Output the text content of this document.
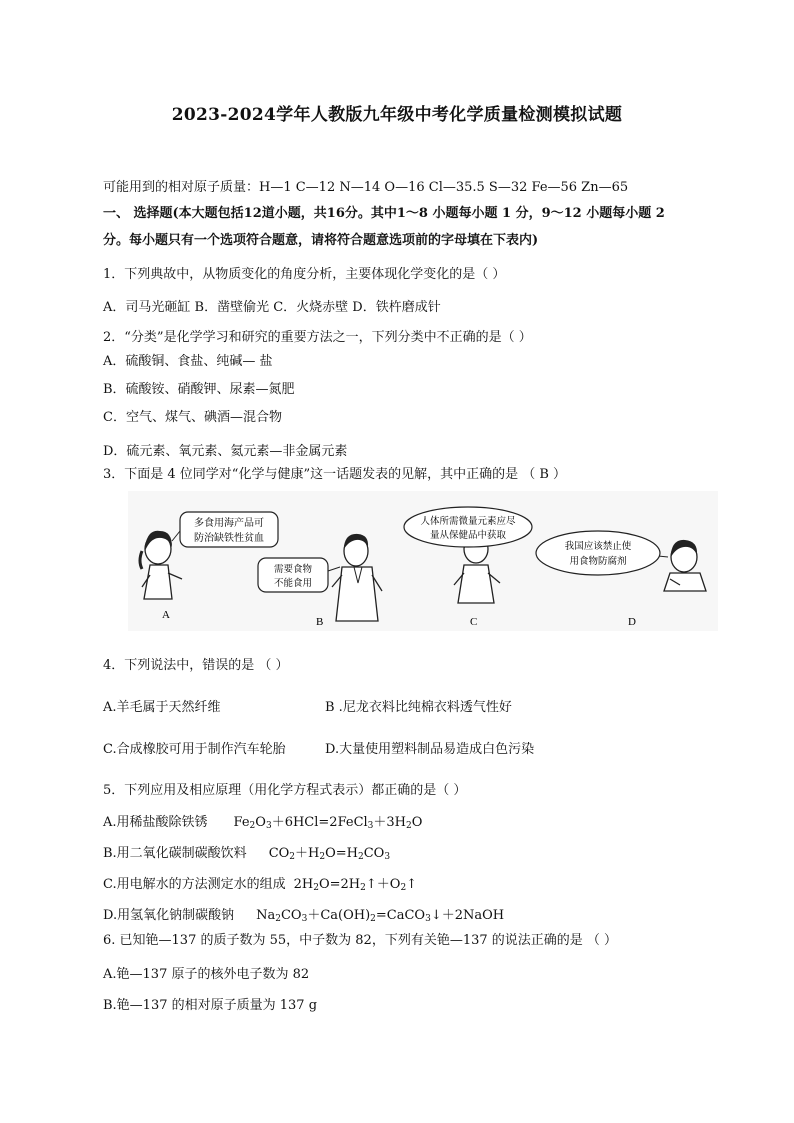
2023-2024学年人教版九年级中考化学质量检测模拟试题
可能用到的相对原子质量：H—1 C—12 N—14 O—16 Cl—35.5 S—32 Fe—56 Zn—65
一、 选择题(本大题包括12道小题，共16分。其中1～8 小题每小题 1 分，9～12 小题每小题 2
分。每小题只有一个选项符合题意，请将符合题意选项前的字母填在下表内)
1．下列典故中，从物质变化的角度分析，主要体现化学变化的是（ ）
A．司马光砸缸 B．凿壁偷光 C．火烧赤壁 D．铁杵磨成针
2．“分类”是化学学习和研究的重要方法之一，下列分类中不正确的是（ ）
A．硫酸铜、食盐、纯碱— 盐
B．硫酸铵、硝酸钾、尿素—氮肥
C．空气、煤气、碘酒—混合物
D．硫元素、氧元素、氦元素—非金属元素
3．下面是 4 位同学对“化学与健康”这一话题发表的见解，其中正确的是 （ B ）
多食用海产品可
防治缺铁性贫血
A
需要食物
不能食用
B
人体所需微量元素应尽
量从保健品中获取
C
我国应该禁止使
用食物防腐剂
D
4．下列说法中，错误的是 （ ）
A.羊毛属于天然纤维	B .尼龙衣料比纯棉衣料透气性好
C.合成橡胶可用于制作汽车轮胎	D.大量使用塑料制品易造成白色污染
5．下列应用及相应原理（用化学方程式表示）都正确的是（ ）
A.用稀盐酸除铁锈 $Fe_2O_3+6HCl=2FeCl_3+3H_2O$
B.用二氧化碳制碳酸饮料 $CO_2+H_2O=H_2CO_3$
C.用电解水的方法测定水的组成 $2H_2O=2H_2↑+O_2↑$
D.用氢氧化钠制碳酸钠 $Na_2CO_3+Ca(OH)_2=CaCO_3↓+2NaOH$
6. 已知铯—137 的质子数为 55，中子数为 82，下列有关铯—137 的说法正确的是 （ ）
A.铯—137 原子的核外电子数为 82
B.铯—137 的相对原子质量为 137 g
